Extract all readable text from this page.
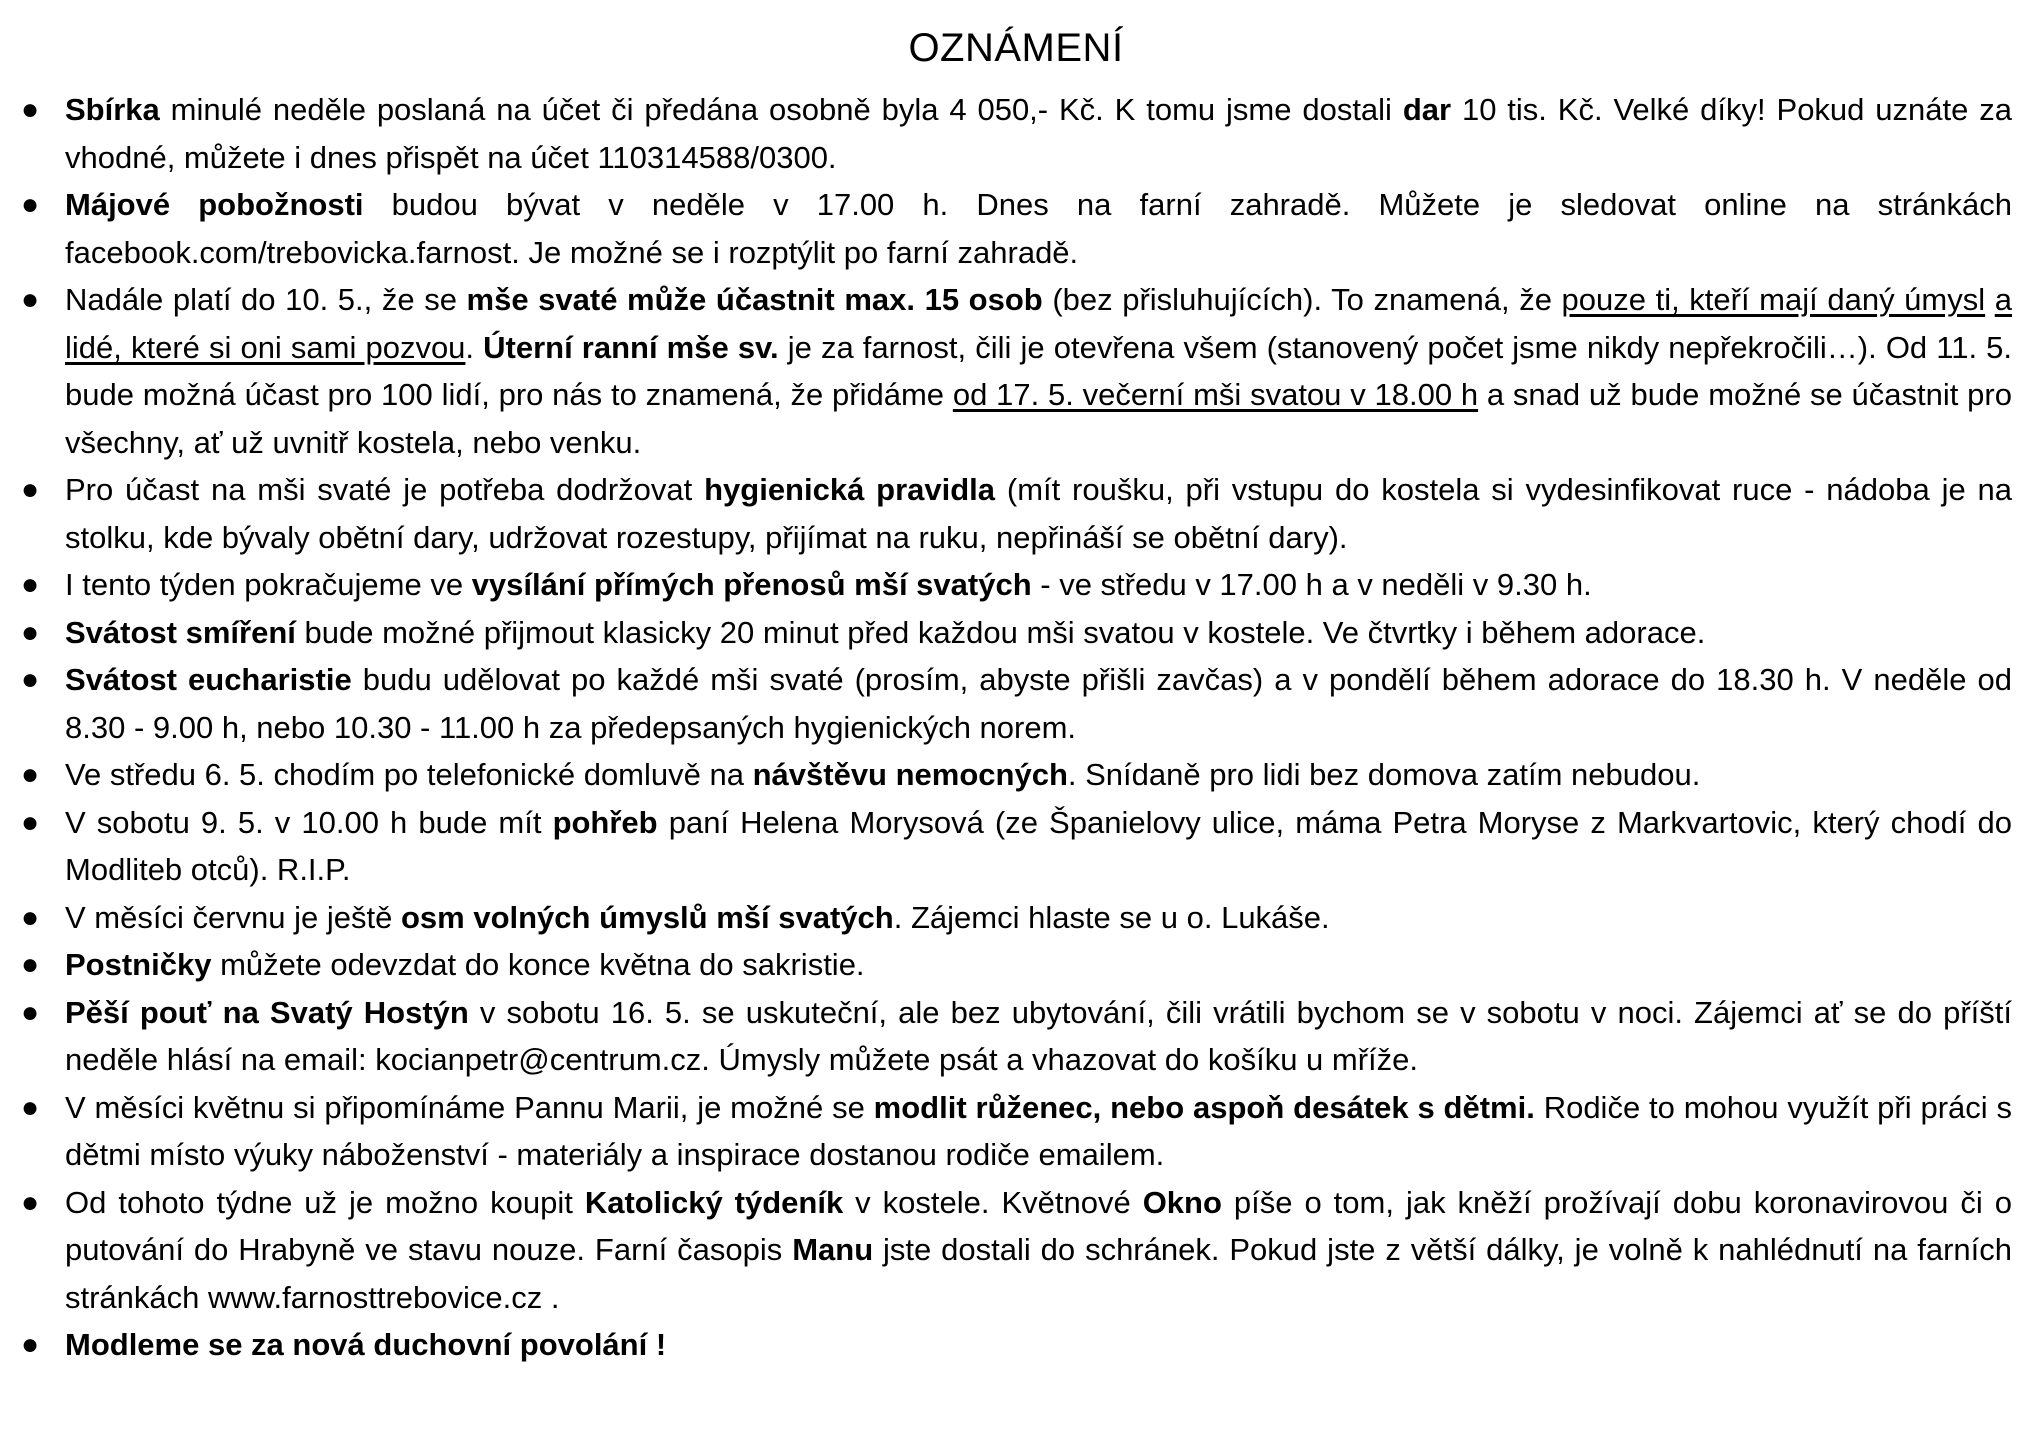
OZNÁMENÍ
● Sbírka minulé neděle poslaná na účet či předána osobně byla 4 050,- Kč. K tomu jsme dostali dar 10 tis. Kč. Velké díky! Pokud uznáte za vhodné, můžete i dnes přispět na účet 110314588/0300.
● Májové pobožnosti budou bývat v neděle v 17.00 h. Dnes na farní zahradě. Můžete je sledovat online na stránkách facebook.com/trebovicka.farnost. Je možné se i rozptýlit po farní zahradě.
● Nadále platí do 10. 5., že se mše svaté může účastnit max. 15 osob (bez přisluhujících). To znamená, že pouze ti, kteří mají daný úmysl a lidé, které si oni sami pozvou. Úterní ranní mše sv. je za farnost, čili je otevřena všem (stanovený počet jsme nikdy nepřekročili…). Od 11. 5. bude možná účast pro 100 lidí, pro nás to znamená, že přidáme od 17. 5. večerní mši svatou v 18.00 h a snad už bude možné se účastnit pro všechny, ať už uvnitř kostela, nebo venku.
● Pro účast na mši svaté je potřeba dodržovat hygienická pravidla (mít roušku, při vstupu do kostela si vydesinfikovat ruce - nádoba je na stolku, kde bývaly obětní dary, udržovat rozestupy, přijímat na ruku, nepřináší se obětní dary).
● I tento týden pokračujeme ve vysílání přímých přenosů mší svatých - ve středu v 17.00 h a v neděli v 9.30 h.
● Svátost smíření bude možné přijmout klasicky 20 minut před každou mši svatou v kostele. Ve čtvrtky i během adorace.
● Svátost eucharistie budu udělovat po každé mši svaté (prosím, abyste přišli zavčas) a v pondělí během adorace do 18.30 h. V neděle od 8.30 - 9.00 h, nebo 10.30 - 11.00 h za předepsaných hygienických norem.
● Ve středu 6. 5. chodím po telefonické domluvě na návštěvu nemocných. Snídaně pro lidi bez domova zatím nebudou.
● V sobotu 9. 5. v 10.00 h bude mít pohřeb paní Helena Morysová (ze Španielovy ulice, máma Petra Moryse z Markvartovic, který chodí do Modliteb otců). R.I.P.
● V měsíci červnu je ještě osm volných úmyslů mší svatých. Zájemci hlaste se u o. Lukáše.
● Postničky můžete odevzdat do konce května do sakristie.
● Pěší pouť na Svatý Hostýn v sobotu 16. 5. se uskuteční, ale bez ubytování, čili vrátili bychom se v sobotu v noci. Zájemci ať se do příští neděle hlásí na email: kocianpetr@centrum.cz. Úmysly můžete psát a vhazovat do košíku u mříže.
● V měsíci květnu si připomínáme Pannu Marii, je možné se modlit růženec, nebo aspoň desátek s dětmi. Rodiče to mohou využít při práci s dětmi místo výuky náboženství - materiály a inspirace dostanou rodiče emailem.
● Od tohoto týdne už je možno koupit Katolický týdeník v kostele. Květnové Okno píše o tom, jak kněží prožívají dobu koronavirovou či o putování do Hrabyně ve stavu nouze. Farní časopis Manu jste dostali do schránek. Pokud jste z větší dálky, je volně k nahlédnutí na farních stránkách www.farnosttrebovice.cz .
● Modleme se za nová duchovní povolání !
